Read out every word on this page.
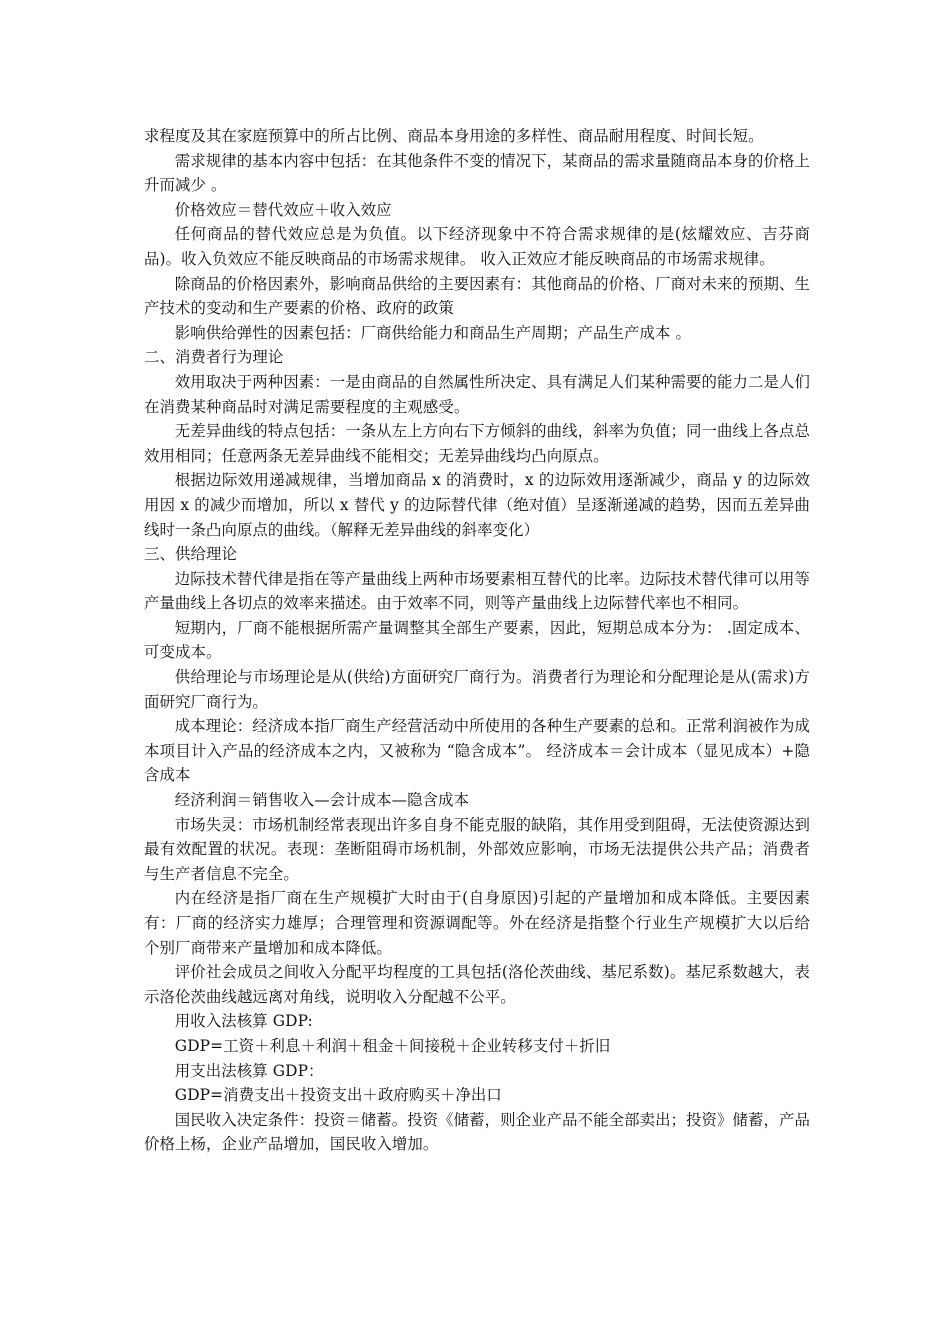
求程度及其在家庭预算中的所占比例、商品本身用途的多样性、商品耐用程度、时间长短。

需求规律的基本内容中包括：在其他条件不变的情况下，某商品的需求量随商品本身的价格上升而减少 。

价格效应＝替代效应＋收入效应

任何商品的替代效应总是为负值。以下经济现象中不符合需求规律的是(炫耀效应、吉芬商品)。收入负效应不能反映商品的市场需求规律。 收入正效应才能反映商品的市场需求规律。

除商品的价格因素外，影响商品供给的主要因素有：其他商品的价格、厂商对未来的预期、生产技术的变动和生产要素的价格、政府的政策

影响供给弹性的因素包括：厂商供给能力和商品生产周期；产品生产成本 。

二、消费者行为理论

效用取决于两种因素：一是由商品的自然属性所决定、具有满足人们某种需要的能力二是人们在消费某种商品时对满足需要程度的主观感受。

无差异曲线的特点包括：一条从左上方向右下方倾斜的曲线，斜率为负值；同一曲线上各点总效用相同；任意两条无差异曲线不能相交；无差异曲线均凸向原点。

根据边际效用递减规律，当增加商品 x 的消费时，x 的边际效用逐渐减少，商品 y 的边际效用因 x 的减少而增加，所以 x 替代 y 的边际替代律（绝对值）呈逐渐递减的趋势，因而五差异曲线时一条凸向原点的曲线。（解释无差异曲线的斜率变化）

三、供给理论

边际技术替代律是指在等产量曲线上两种市场要素相互替代的比率。边际技术替代律可以用等产量曲线上各切点的效率来描述。由于效率不同，则等产量曲线上边际替代率也不相同。

短期内，厂商不能根据所需产量调整其全部生产要素，因此，短期总成本分为： .固定成本、可变成本。

供给理论与市场理论是从(供给)方面研究厂商行为。消费者行为理论和分配理论是从(需求)方面研究厂商行为。

成本理论：经济成本指厂商生产经营活动中所使用的各种生产要素的总和。正常利润被作为成本项目计入产品的经济成本之内，又被称为 “隐含成本”。 经济成本＝会计成本（显见成本）+隐含成本

经济利润＝销售收入—会计成本—隐含成本

市场失灵：市场机制经常表现出许多自身不能克服的缺陷，其作用受到阻碍，无法使资源达到最有效配置的状况。表现：垄断阻碍市场机制，外部效应影响，市场无法提供公共产品；消费者与生产者信息不完全。

内在经济是指厂商在生产规模扩大时由于(自身原因)引起的产量增加和成本降低。主要因素有：厂商的经济实力雄厚；合理管理和资源调配等。外在经济是指整个行业生产规模扩大以后给个别厂商带来产量增加和成本降低。

评价社会成员之间收入分配平均程度的工具包括(洛伦茨曲线、基尼系数)。基尼系数越大，表示洛伦茨曲线越远离对角线，说明收入分配越不公平。

用收入法核算 GDP:

GDP=工资＋利息＋利润＋租金＋间接税＋企业转移支付＋折旧

用支出法核算 GDP：

GDP=消费支出＋投资支出＋政府购买＋净出口

国民收入决定条件：投资＝储蓄。投资《储蓄，则企业产品不能全部卖出；投资》储蓄，产品价格上杨，企业产品增加，国民收入增加。
